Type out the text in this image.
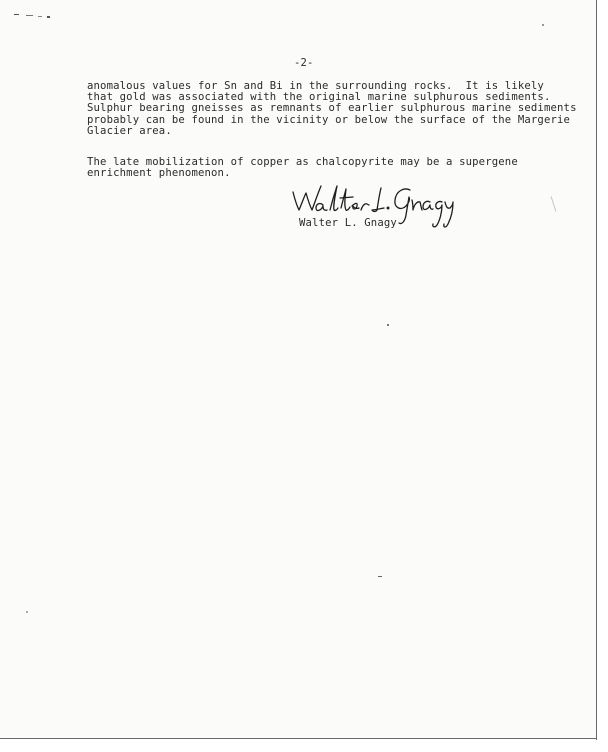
-2-
anomalous values for Sn and Bi in the surrounding rocks.  It is likely
that gold was associated with the original marine sulphurous sediments.
Sulphur bearing gneisses as remnants of earlier sulphurous marine sediments
probably can be found in the vicinity or below the surface of the Margerie
Glacier area.
The late mobilization of copper as chalcopyrite may be a supergene
enrichment phenomenon.
Walter L. Gnagy
